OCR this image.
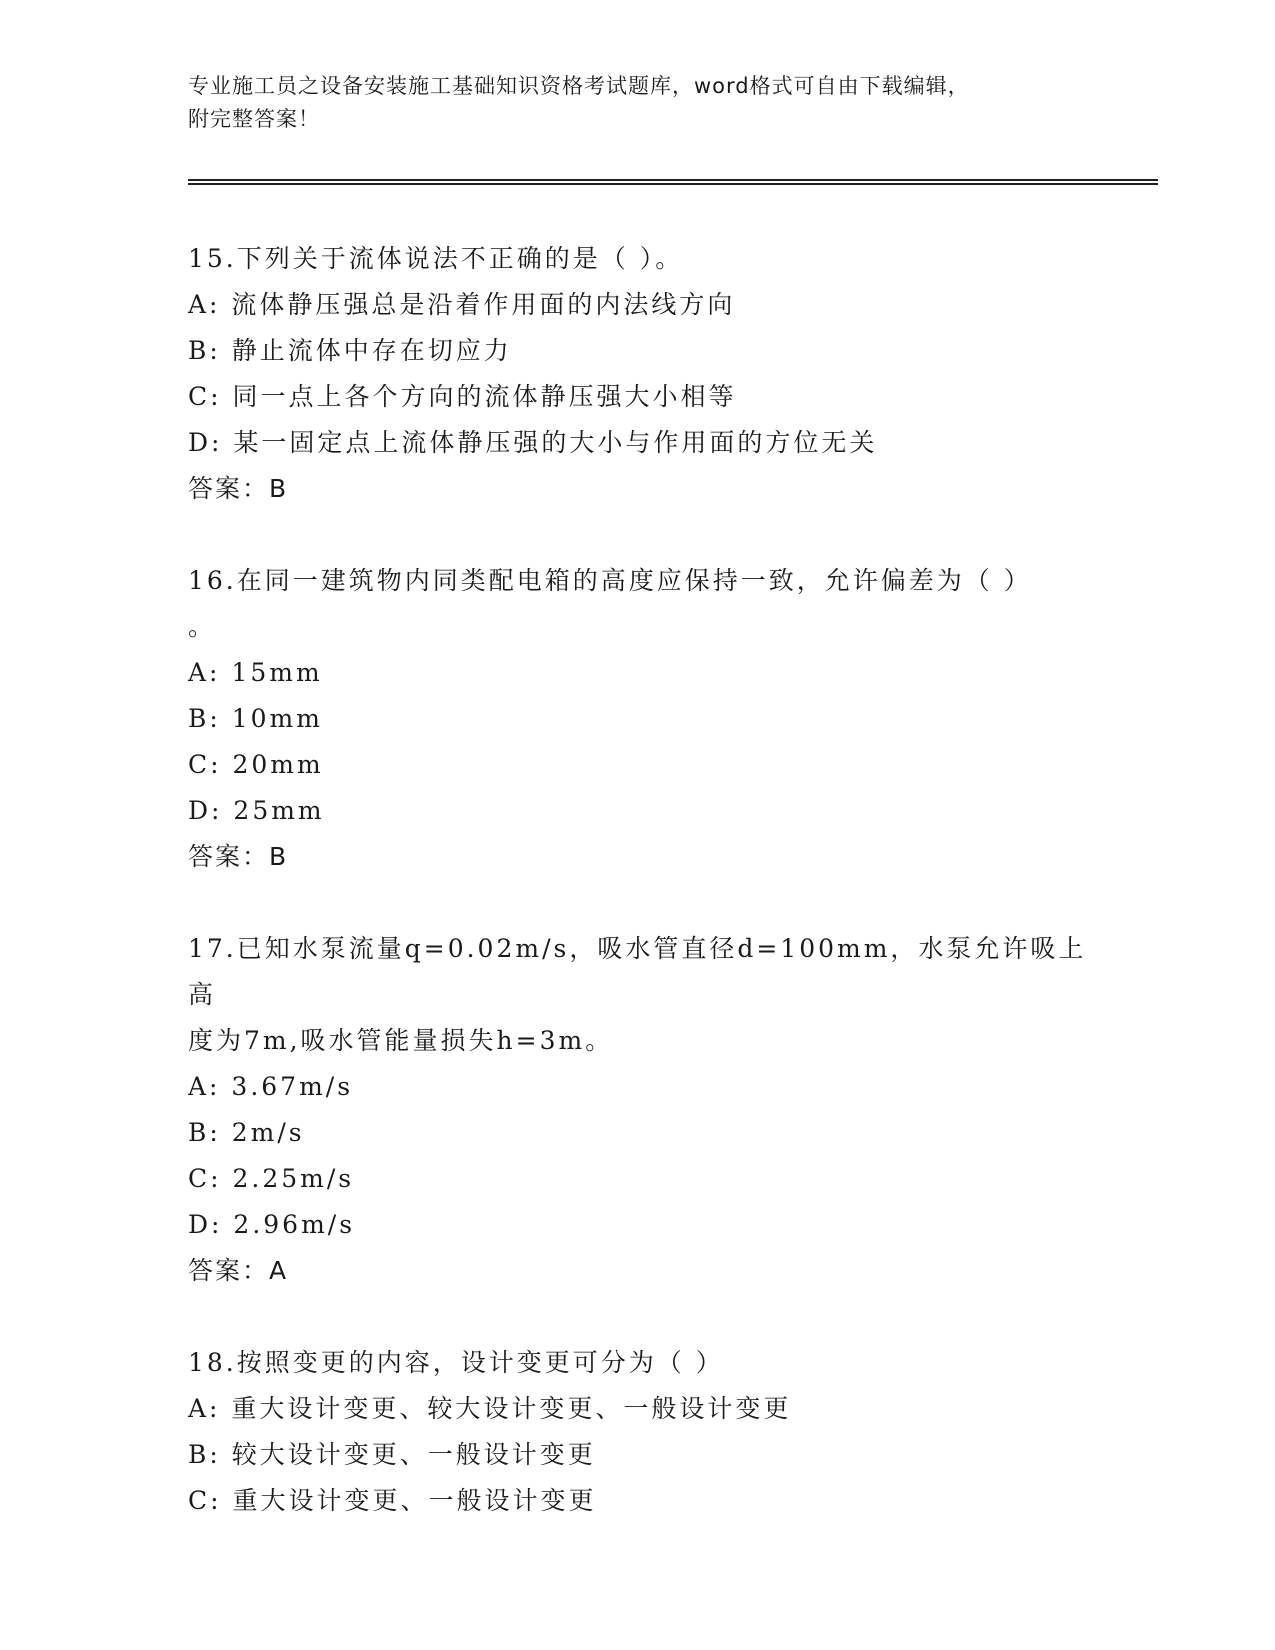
专业施工员之设备安装施工基础知识资格考试题库，word格式可自由下载编辑，
附完整答案！
15.下列关于流体说法不正确的是（ ）。
A: 流体静压强总是沿着作用面的内法线方向
B: 静止流体中存在切应力
C: 同一点上各个方向的流体静压强大小相等
D: 某一固定点上流体静压强的大小与作用面的方位无关
答案：B
16.在同一建筑物内同类配电箱的高度应保持一致，允许偏差为（ ）
。
A: 15mm
B: 10mm
C: 20mm
D: 25mm
答案：B
17.已知水泵流量q=0.02m/s，吸水管直径d=100mm，水泵允许吸上高
度为7m,吸水管能量损失h=3m。
A: 3.67m/s
B: 2m/s
C: 2.25m/s
D: 2.96m/s
答案：A
18.按照变更的内容，设计变更可分为（ ）
A: 重大设计变更、较大设计变更、一般设计变更
B: 较大设计变更、一般设计变更
C: 重大设计变更、一般设计变更
